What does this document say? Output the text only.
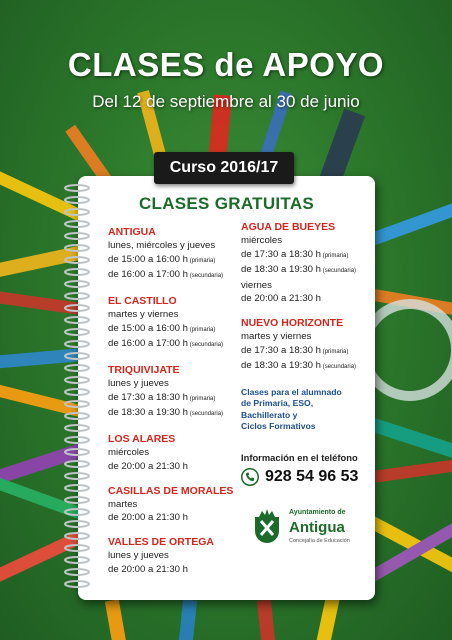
CLASES de APOYO
Del 12 de septiembre al 30 de junio
Curso 2016/17
CLASES GRATUITAS
ANTIGUA
lunes, miércoles y jueves
de 15:00 a 16:00 h (primaria)
de 16:00 a 17:00 h (secundaria)
EL CASTILLO
martes y viernes
de 15:00 a 16:00 h (primaria)
de 16:00 a 17:00 h (secundaria)
TRIQUIVIJATE
lunes y jueves
de 17:30 a 18:30 h (primaria)
de 18:30 a 19:30 h (secundaria)
LOS ALARES
miércoles
de 20:00 a 21:30 h
CASILLAS DE MORALES
martes
de 20:00 a 21:30 h
VALLES DE ORTEGA
lunes y jueves
de 20:00 a 21:30 h
AGUA DE BUEYES
miércoles
de 17:30 a 18:30 h (primaria)
de 18:30 a 19:30 h (secundaria)
viernes
de 20:00 a 21:30 h
NUEVO HORIZONTE
martes y viernes
de 17:30 a 18:30 h (primaria)
de 18:30 a 19:30 h (secundaria)
Clases para el alumnado
de Primaria, ESO,
Bachillerato y
Ciclos Formativos
Información en el teléfono
928 54 96 53
Ayuntamiento de
Antigua
Concejalía de Educación
